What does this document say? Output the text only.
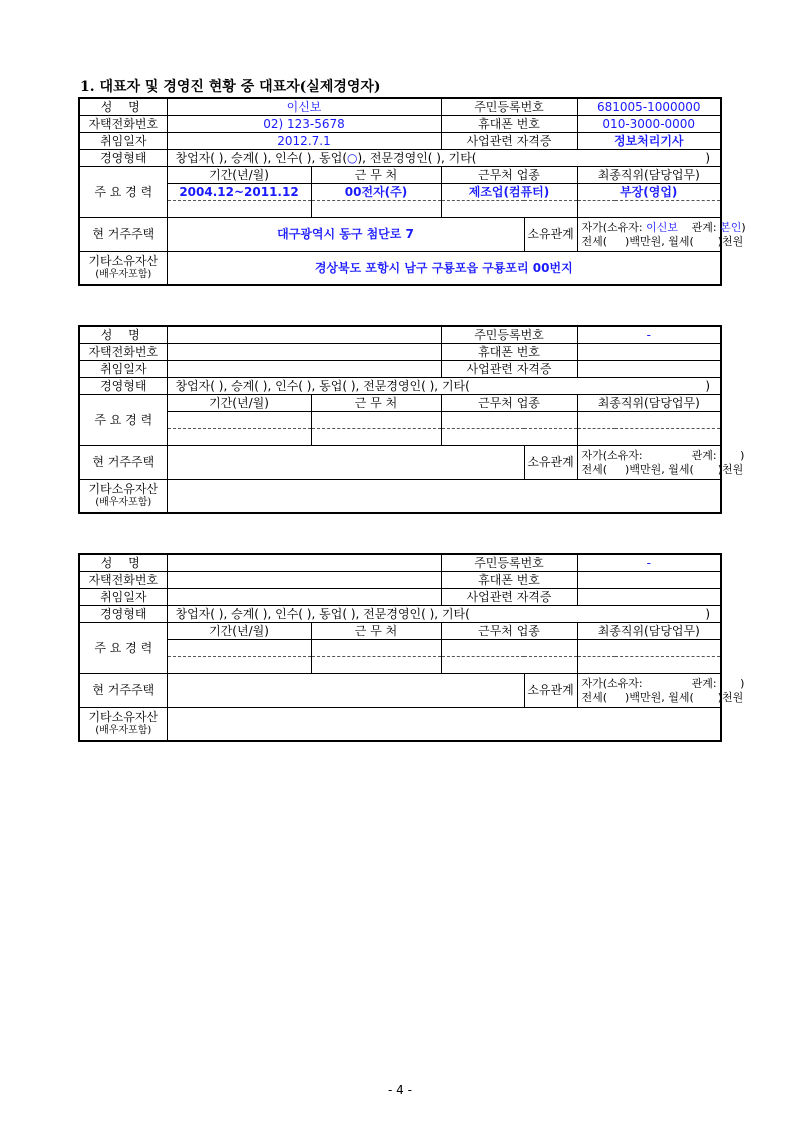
1. 대표자 및 경영진 현황 중 대표자(실제경영자)
성 명	이신보		주민등록번호		681005-1000000
자택전화번호	02) 123-5678		휴대폰 번호		010-3000-0000
취임일자	2012.7.1		사업관련 자격증		정보처리기사
경영형태	창업자( ), 승계( ), 인수( ), 동업(○), 전문경영인( ), 기타( )				

주 요 경 력	기간(년/월)	근 무 처	근무처 업종		최종직위(담당업무)
	2004.12~2011.12	00전자(주)	제조업(컴퓨터)		부장(영업)

현 거주주택	대구광역시 동구 첨단로 7			소유관계	자가(소유자: 이신보 관계: 본인)
전세( )백만원, 월세( )천원

기타소유자산
(배우자포함)	경상북도 포항시 남구 구룡포읍 구룡포리 00번지				
성 명			주민등록번호		-
자택전화번호			휴대폰 번호		
취임일자			사업관련 자격증		
경영형태	창업자( ), 승계( ), 인수( ), 동업( ), 전문경영인( ), 기타( )				

주 요 경 력	기간(년/월)	근 무 처	근무처 업종		최종직위(담당업무)

현 거주주택				소유관계	자가(소유자: 관계: )
전세( )백만원, 월세( )천원

기타소유자산
(배우자포함)					

성 명			주민등록번호		-
자택전화번호			휴대폰 번호		
취임일자			사업관련 자격증		
경영형태	창업자( ), 승계( ), 인수( ), 동업( ), 전문경영인( ), 기타( )				

주 요 경 력	기간(년/월)	근 무 처	근무처 업종		최종직위(담당업무)

현 거주주택				소유관계	자가(소유자: 관계: )
전세( )백만원, 월세( )천원

기타소유자산
(배우자포함)					

- 4 -
